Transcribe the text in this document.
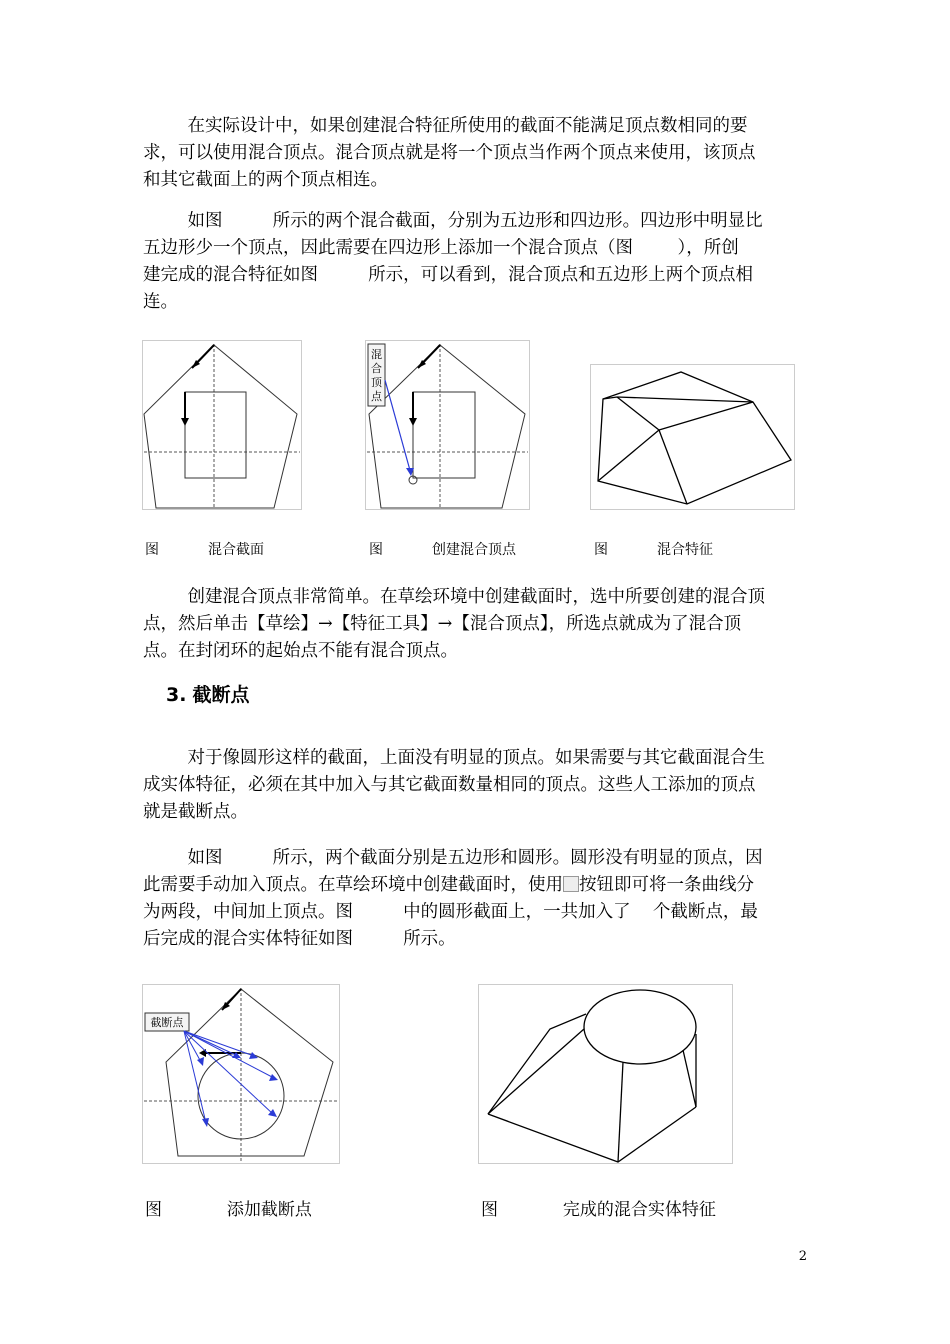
在实际设计中，如果创建混合特征所使用的截面不能满足顶点数相同的要
求，可以使用混合顶点。混合顶点就是将一个顶点当作两个顶点来使用，该顶点
和其它截面上的两个顶点相连。
如图         所示的两个混合截面，分别为五边形和四边形。四边形中明显比
五边形少一个顶点，因此需要在四边形上添加一个混合顶点（图        ），所创
建完成的混合特征如图         所示，可以看到，混合顶点和五边形上两个顶点相
连。
混
合
顶
点
图           混合截面	图           创建混合顶点	图           混合特征
创建混合顶点非常简单。在草绘环境中创建截面时，选中所要创建的混合顶
点，然后单击【草绘】→【特征工具】→【混合顶点】，所选点就成为了混合顶
点。在封闭环的起始点不能有混合顶点。
3. 截断点
对于像圆形这样的截面，上面没有明显的顶点。如果需要与其它截面混合生
成实体特征，必须在其中加入与其它截面数量相同的顶点。这些人工添加的顶点
就是截断点。
如图         所示，两个截面分别是五边形和圆形。圆形没有明显的顶点，因
此需要手动加入顶点。在草绘环境中创建截面时，使用 按钮即可将一条曲线分
为两段，中间加上顶点。图         中的圆形截面上，一共加入了    个截断点，最
后完成的混合实体特征如图         所示。
截断点
图            添加截断点	图            完成的混合实体特征
2
